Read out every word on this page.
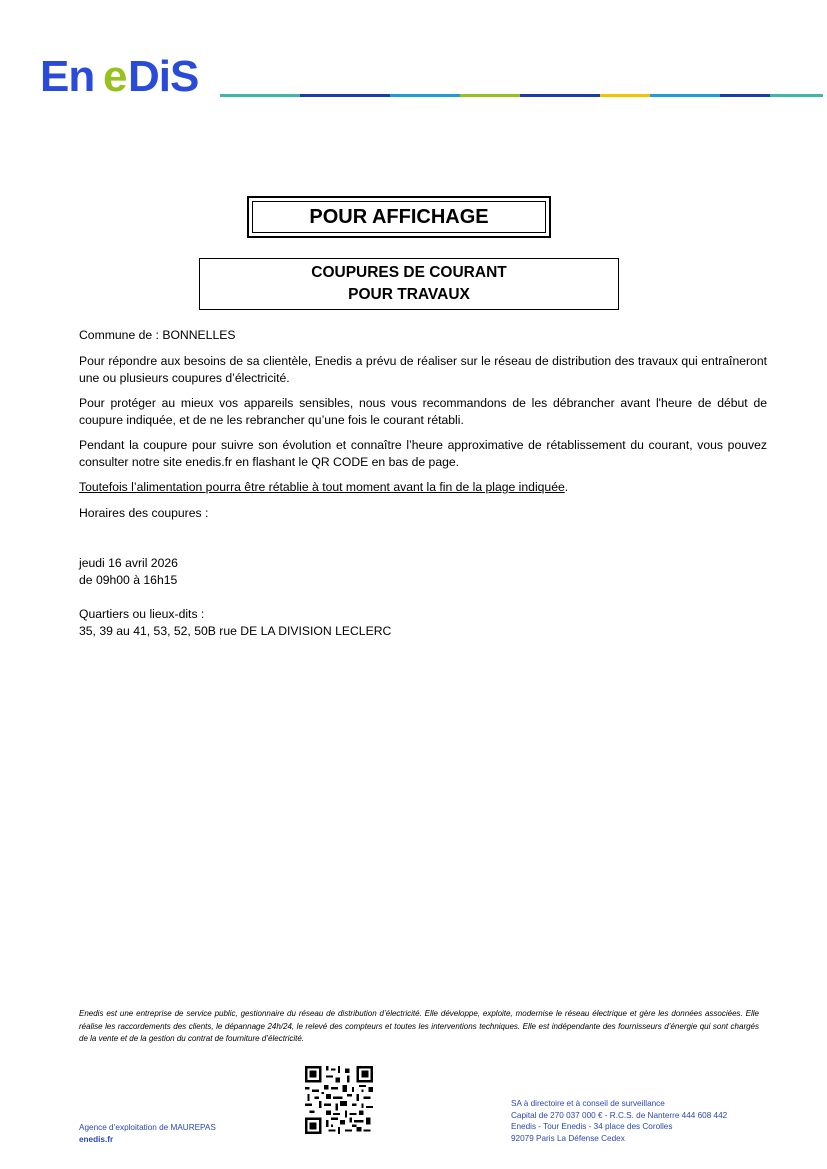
En e DiS
POUR AFFICHAGE
COUPURES DE COURANT
POUR TRAVAUX

Commune de : BONNELLES

Pour répondre aux besoins de sa clientèle, Enedis a prévu de réaliser sur le réseau de distribution des travaux qui entraîneront une ou plusieurs coupures d’électricité.

Pour protéger au mieux vos appareils sensibles, nous vous recommandons de les débrancher avant l'heure de début de coupure indiquée, et de ne les rebrancher qu’une fois le courant rétabli.

Pendant la coupure pour suivre son évolution et connaître l’heure approximative de rétablissement du courant, vous pouvez consulter notre site enedis.fr en flashant le QR CODE en bas de page.

Toutefois l’alimentation pourra être rétablie à tout moment avant la fin de la plage indiquée.

Horaires des coupures :

jeudi 16 avril 2026

de 09h00 à 16h15

Quartiers ou lieux-dits :

35, 39 au 41, 53, 52, 50B rue DE LA DIVISION LECLERC

Enedis est une entreprise de service public, gestionnaire du réseau de distribution d’électricité. Elle développe, exploite, modernise le réseau électrique et gère les données associées. Elle réalise les raccordements des clients, le dépannage 24h/24, le relevé des compteurs et toutes les interventions techniques. Elle est indépendante des fournisseurs d’énergie qui sont chargés de la vente et de la gestion du contrat de fourniture d’électricité.

Agence d’exploitation de MAUREPAS
enedis.fr
SA à directoire et à conseil de surveillance
Capital de 270 037 000 € - R.C.S. de Nanterre 444 608 442
Enedis - Tour Enedis - 34 place des Corolles
92079 Paris La Défense Cedex
